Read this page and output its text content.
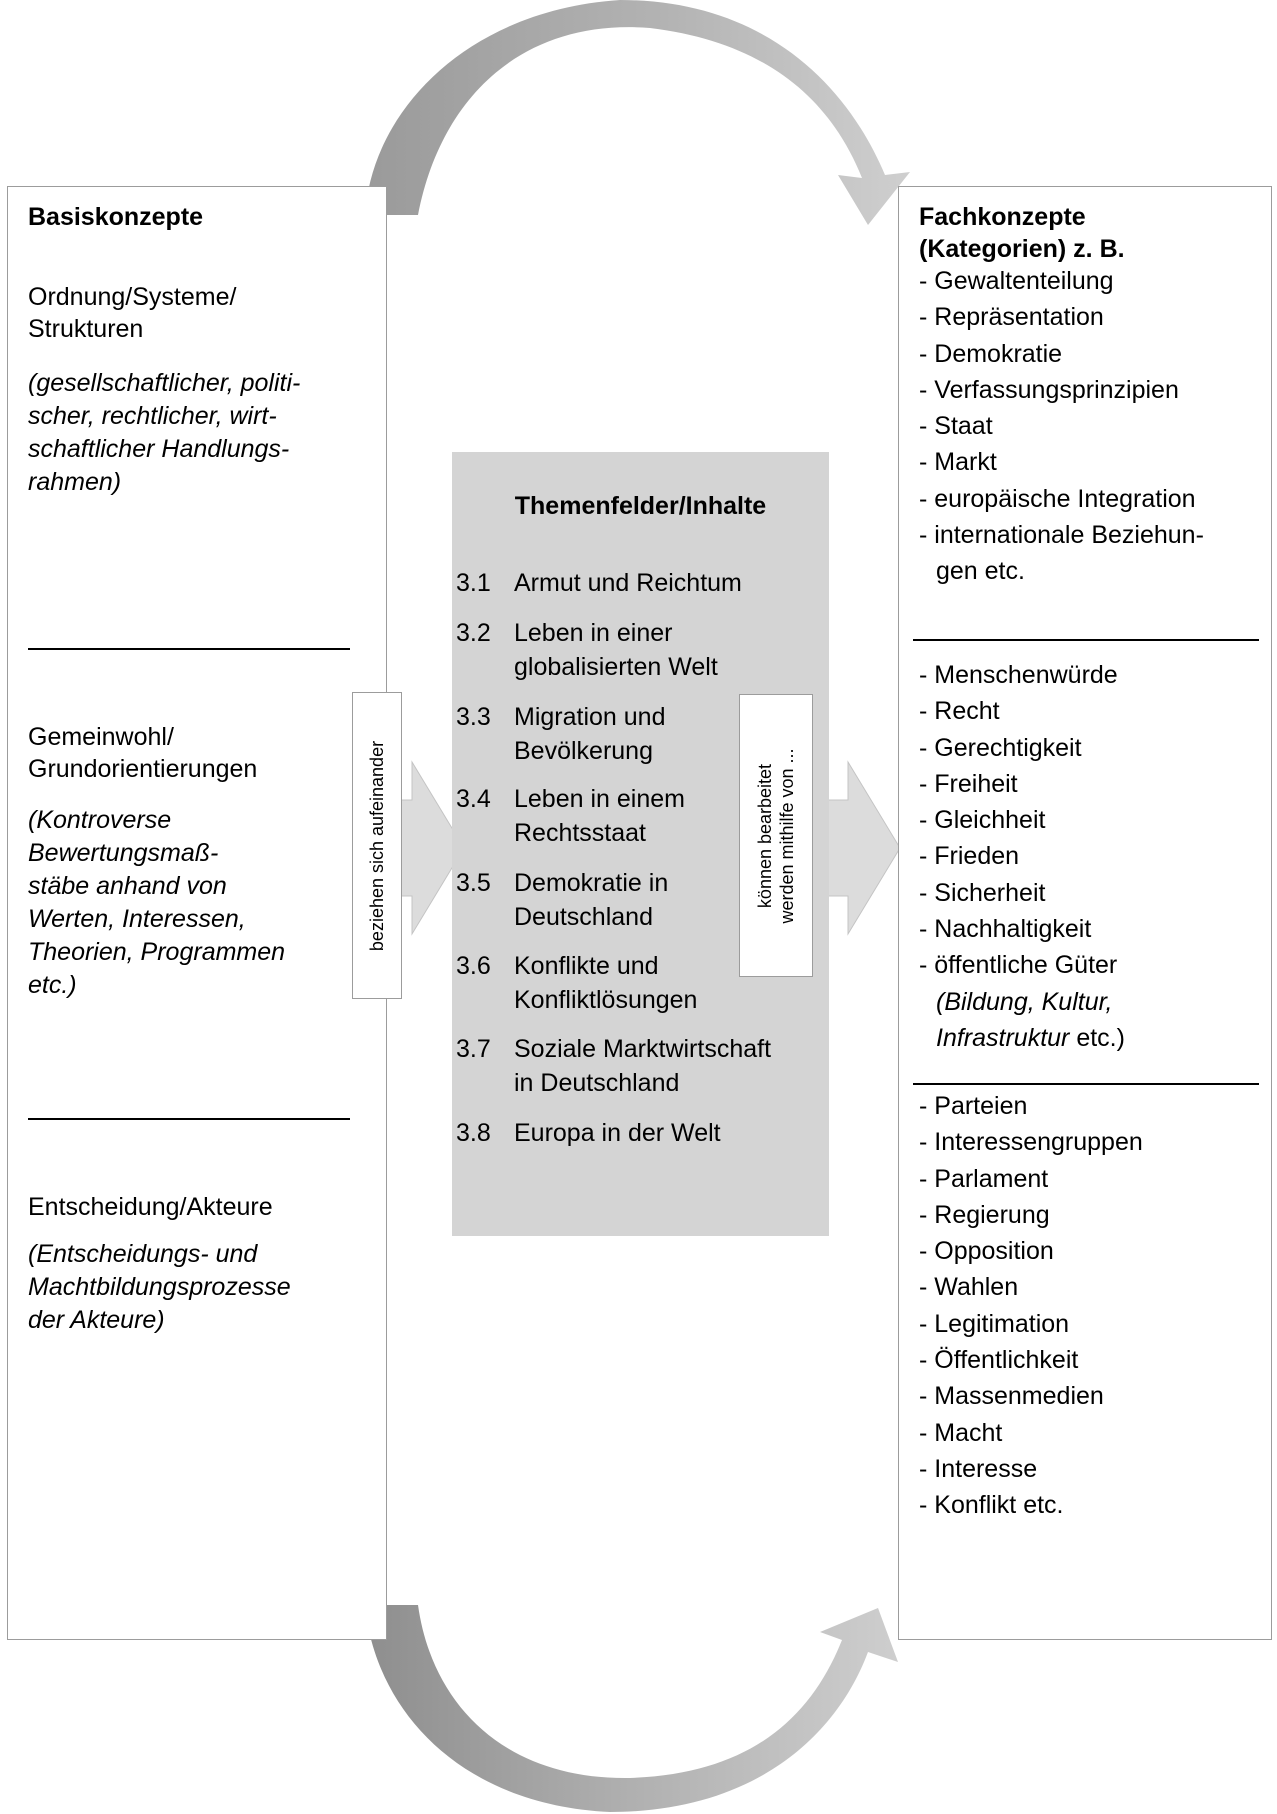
Basiskonzepte
Ordnung/Systeme/
Strukturen
(gesellschaftlicher, politi-
scher, rechtlicher, wirt-
schaftlicher Handlungs-
rahmen)
Gemeinwohl/
Grundorientierungen
(Kontroverse
Bewertungsmaß-
stäbe anhand von
Werten, Interessen,
Theorien, Programmen
etc.)
Entscheidung/Akteure
(Entscheidungs- und
Machtbildungsprozesse
der Akteure)
Fachkonzepte
(Kategorien) z. B.
- Gewaltenteilung
- Repräsentation
- Demokratie
- Verfassungsprinzipien
- Staat
- Markt
- europäische Integration
- internationale Beziehun-
gen etc.
- Menschenwürde
- Recht
- Gerechtigkeit
- Freiheit
- Gleichheit
- Frieden
- Sicherheit
- Nachhaltigkeit
- öffentliche Güter
(Bildung, Kultur,
Infrastruktur etc.)
- Parteien
- Interessengruppen
- Parlament
- Regierung
- Opposition
- Wahlen
- Legitimation
- Öffentlichkeit
- Massenmedien
- Macht
- Interesse
- Konflikt etc.
Themenfelder/Inhalte
3.1 Armut und Reichtum
3.2 Leben in einer
globalisierten Welt
3.3 Migration und
Bevölkerung
3.4 Leben in einem
Rechtsstaat
3.5 Demokratie in
Deutschland
3.6 Konflikte und
Konfliktlösungen
3.7 Soziale Marktwirtschaft
in Deutschland
3.8 Europa in der Welt
beziehen sich aufeinander	können bearbeitet werden mithilfe von ...
